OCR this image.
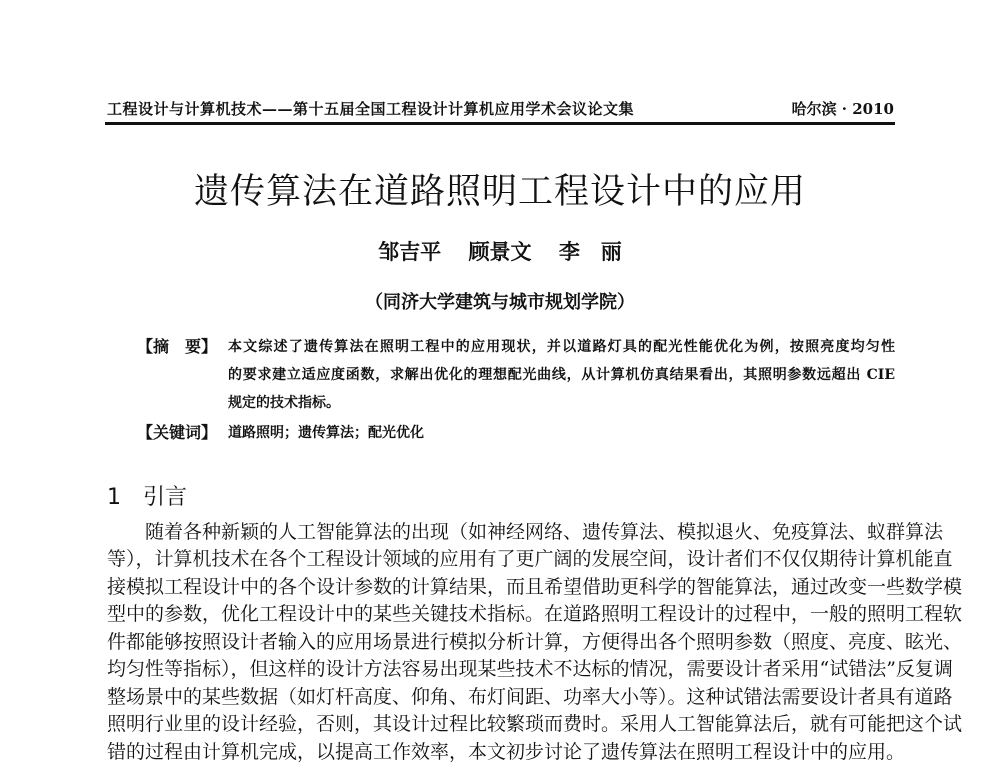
工程设计与计算机技术——第十五届全国工程设计计算机应用学术会议论文集	哈尔滨 · 2010
遗传算法在道路照明工程设计中的应用
邹吉平 顾景文 李　丽
（同济大学建筑与城市规划学院）
【摘　要】 本文综述了遗传算法在照明工程中的应用现状，并以道路灯具的配光性能优化为例，按照亮度均匀性
的要求建立适应度函数，求解出优化的理想配光曲线，从计算机仿真结果看出，其照明参数远超出 CIE
规定的技术指标。
【关键词】 道路照明；遗传算法；配光优化
1 引言
随着各种新颖的人工智能算法的出现（如神经网络、遗传算法、模拟退火、免疫算法、蚁群算法
等），计算机技术在各个工程设计领域的应用有了更广阔的发展空间，设计者们不仅仅期待计算机能直
接模拟工程设计中的各个设计参数的计算结果，而且希望借助更科学的智能算法，通过改变一些数学模
型中的参数，优化工程设计中的某些关键技术指标。在道路照明工程设计的过程中，一般的照明工程软
件都能够按照设计者输入的应用场景进行模拟分析计算，方便得出各个照明参数（照度、亮度、眩光、
均匀性等指标），但这样的设计方法容易出现某些技术不达标的情况，需要设计者采用“试错法”反复调
整场景中的某些数据（如灯杆高度、仰角、布灯间距、功率大小等）。这种试错法需要设计者具有道路
照明行业里的设计经验，否则，其设计过程比较繁琐而费时。采用人工智能算法后，就有可能把这个试
错的过程由计算机完成，以提高工作效率，本文初步讨论了遗传算法在照明工程设计中的应用。
